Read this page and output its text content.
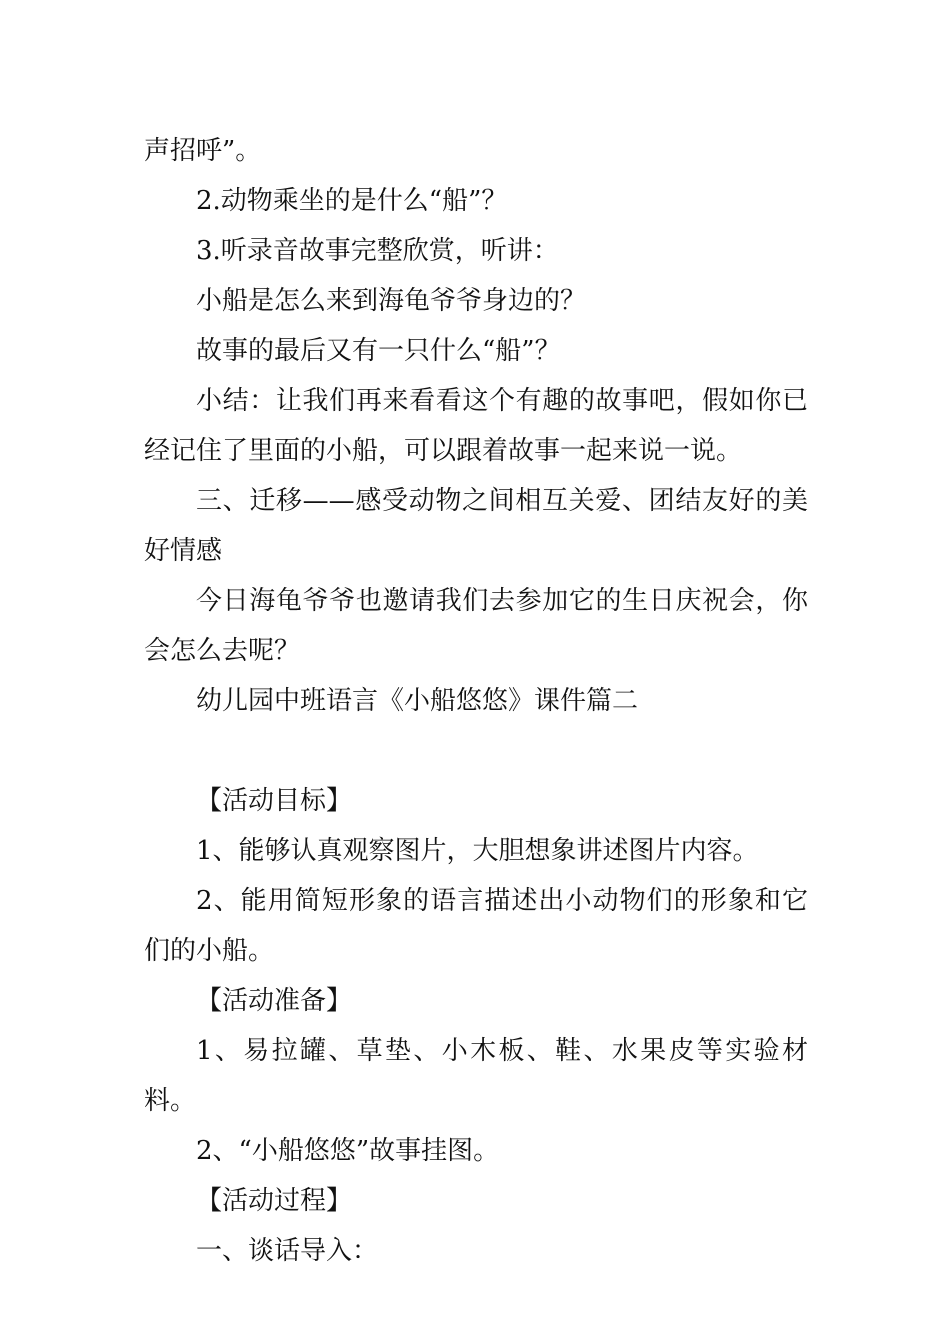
声招呼”。

2.动物乘坐的是什么“船”？

3.听录音故事完整欣赏，听讲：

小船是怎么来到海龟爷爷身边的？

故事的最后又有一只什么“船”？

小结：让我们再来看看这个有趣的故事吧，假如你已经记住了里面的小船，可以跟着故事一起来说一说。

三、迁移——感受动物之间相互关爱、团结友好的美好情感

今日海龟爷爷也邀请我们去参加它的生日庆祝会，你会怎么去呢？

幼儿园中班语言《小船悠悠》课件篇二

【活动目标】

1、能够认真观察图片，大胆想象讲述图片内容。

2、能用简短形象的语言描述出小动物们的形象和它们的小船。

【活动准备】

1、易拉罐、草垫、小木板、鞋、水果皮等实验材料。

2、“小船悠悠”故事挂图。

【活动过程】

一、谈话导入：
